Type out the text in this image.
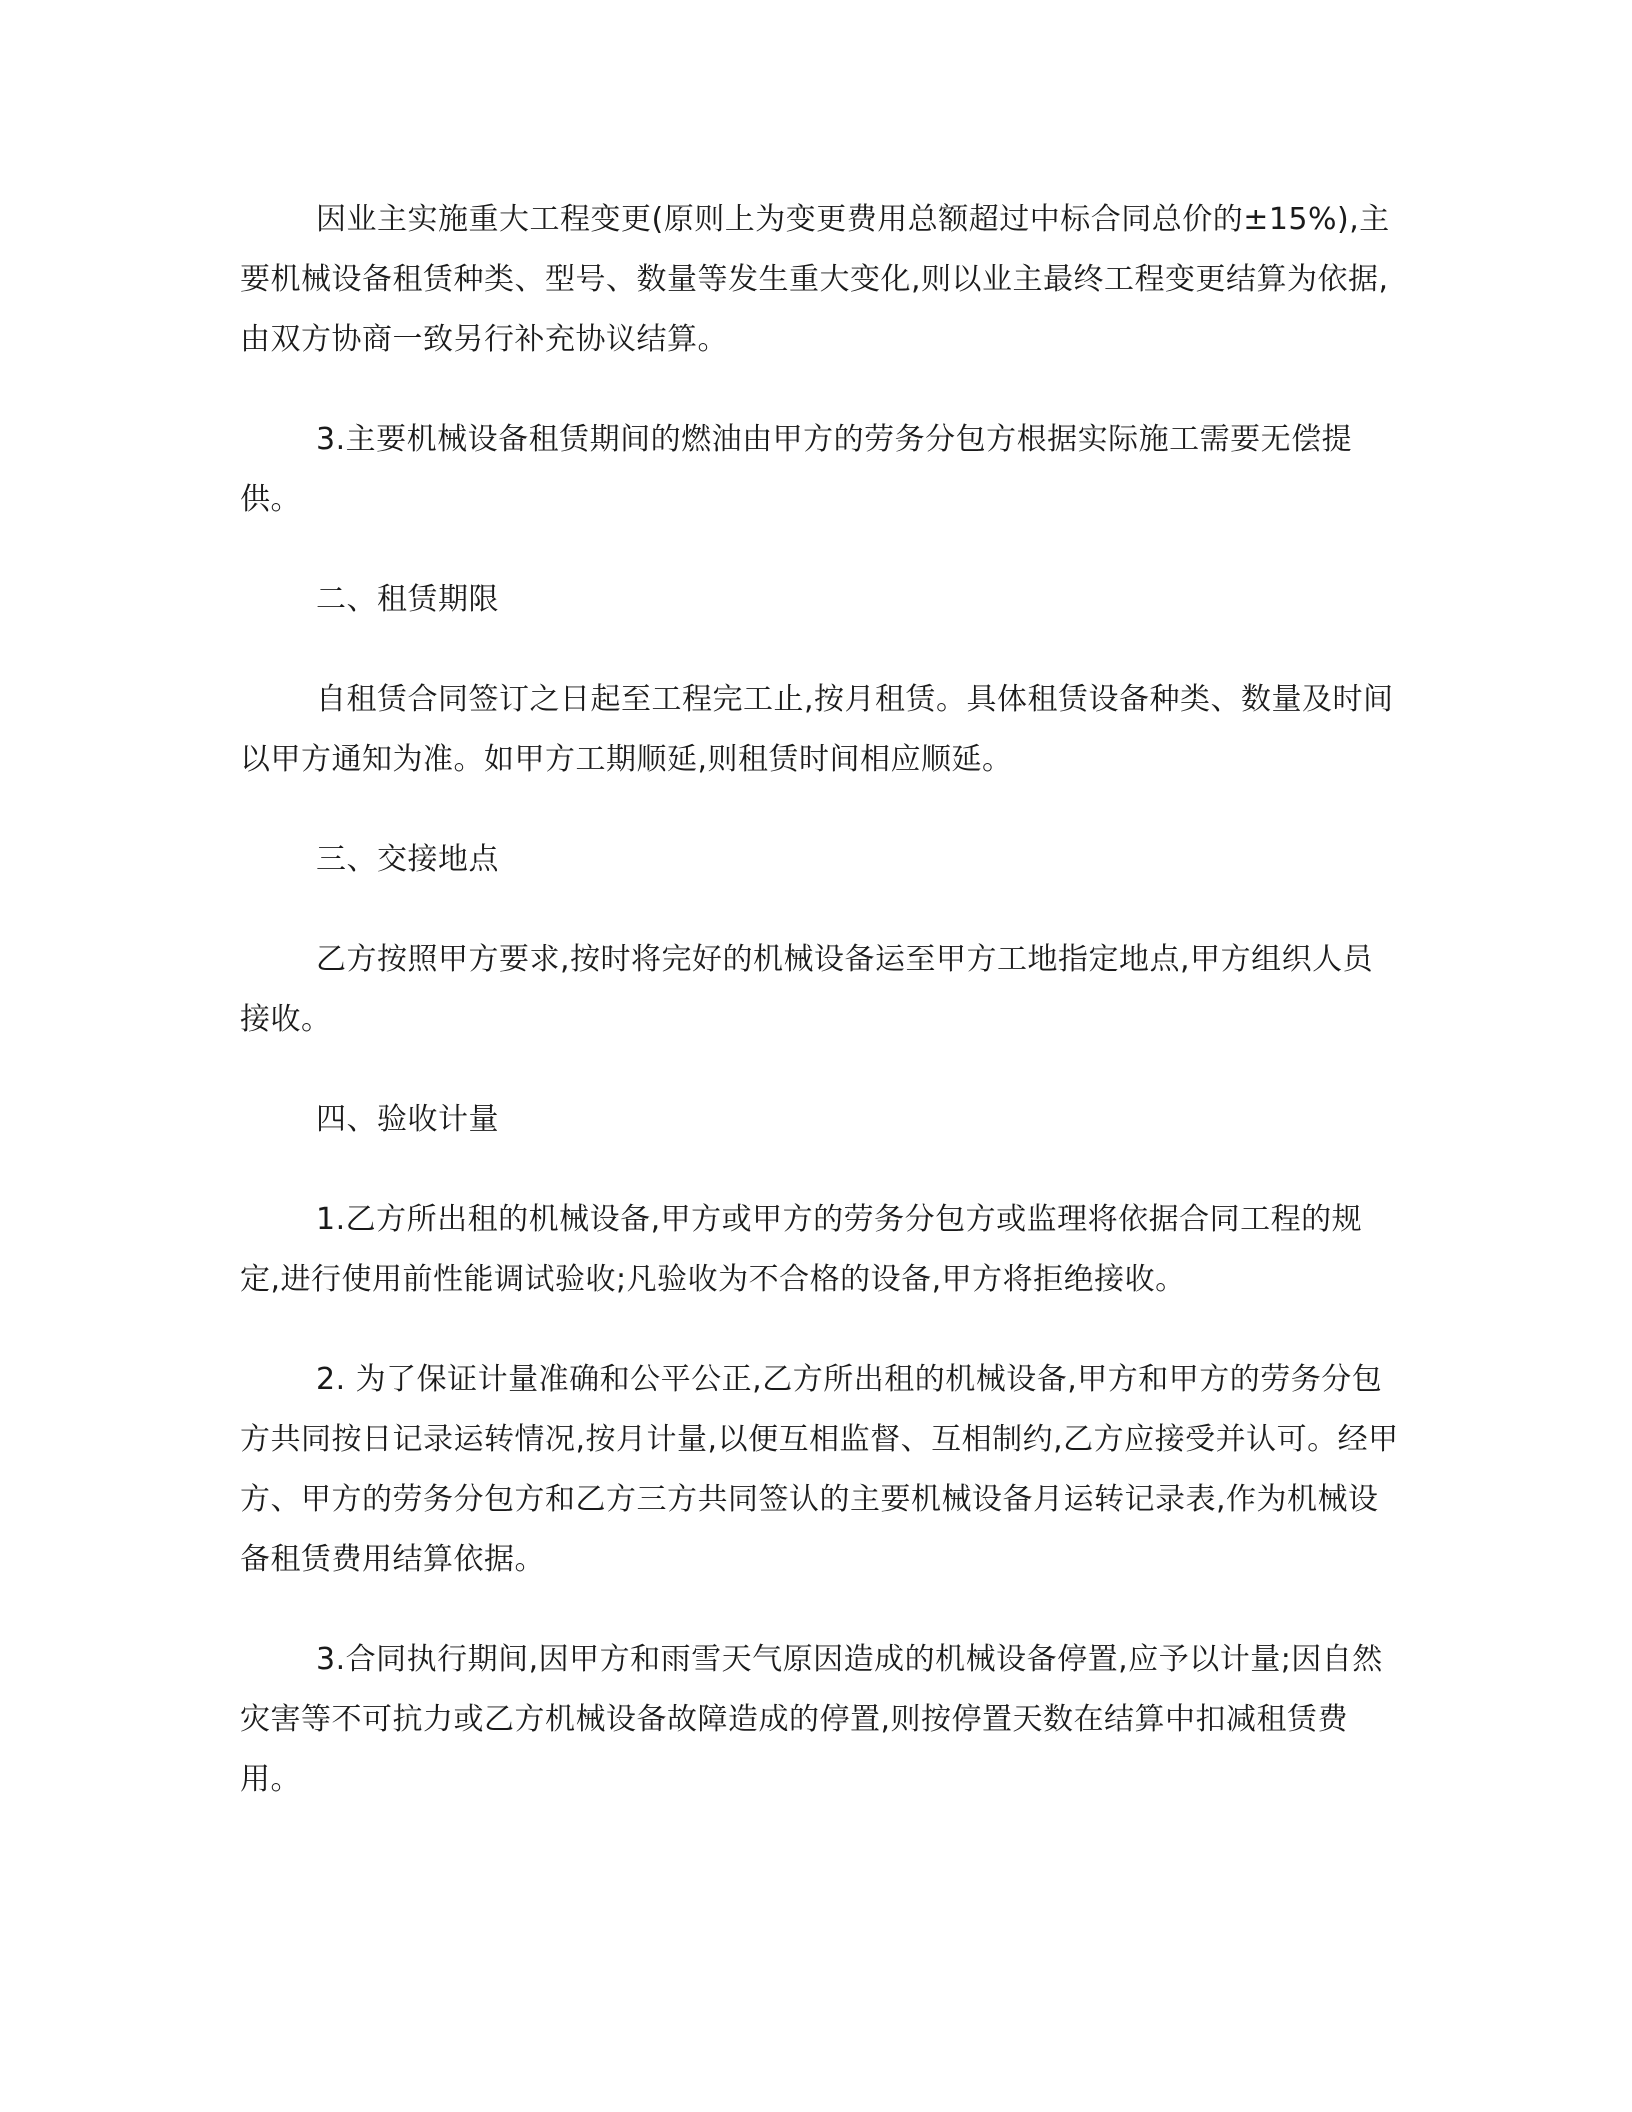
因业主实施重大工程变更(原则上为变更费用总额超过中标合同总价的±15%),主要机械设备租赁种类、型号、数量等发生重大变化,则以业主最终工程变更结算为依据,由双方协商一致另行补充协议结算。

3.主要机械设备租赁期间的燃油由甲方的劳务分包方根据实际施工需要无偿提供。

二、租赁期限

自租赁合同签订之日起至工程完工止,按月租赁。具体租赁设备种类、数量及时间以甲方通知为准。如甲方工期顺延,则租赁时间相应顺延。

三、交接地点

乙方按照甲方要求,按时将完好的机械设备运至甲方工地指定地点,甲方组织人员接收。

四、验收计量

1.乙方所出租的机械设备,甲方或甲方的劳务分包方或监理将依据合同工程的规定,进行使用前性能调试验收;凡验收为不合格的设备,甲方将拒绝接收。

2. 为了保证计量准确和公平公正,乙方所出租的机械设备,甲方和甲方的劳务分包方共同按日记录运转情况,按月计量,以便互相监督、互相制约,乙方应接受并认可。经甲方、甲方的劳务分包方和乙方三方共同签认的主要机械设备月运转记录表,作为机械设备租赁费用结算依据。

3.合同执行期间,因甲方和雨雪天气原因造成的机械设备停置,应予以计量;因自然灾害等不可抗力或乙方机械设备故障造成的停置,则按停置天数在结算中扣减租赁费用。
